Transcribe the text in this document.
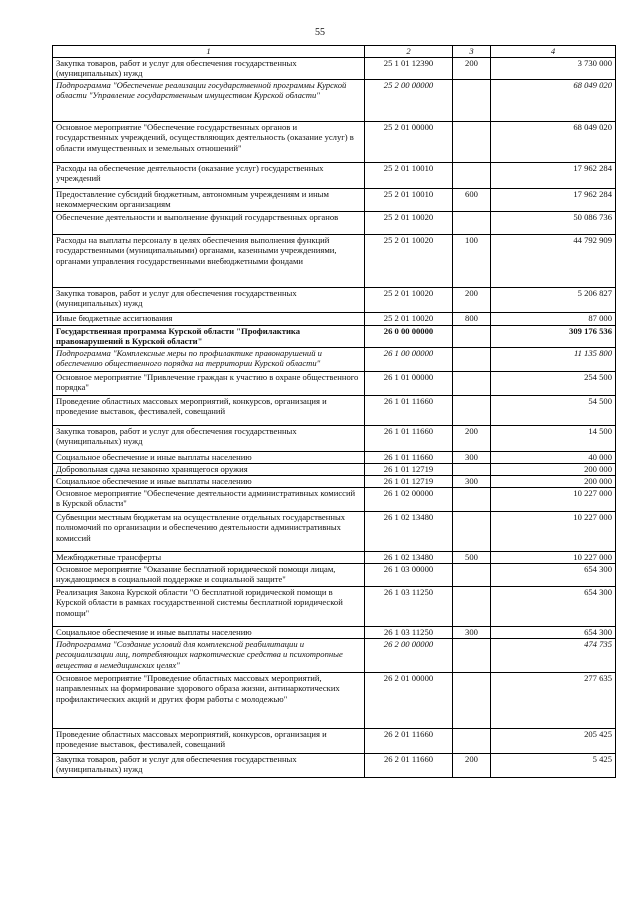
55
1	2	3	4
Закупка товаров, работ и услуг для обеспечения государственных (муниципальных) нужд	25 1 01 12390	200	3 730 000
Подпрограмма "Обеспечение реализации государственной программы Курской области "Управление государственным имуществом Курской области"	25 2 00 00000		68 049 020
Основное мероприятие "Обеспечение государственных органов и государственных учреждений, осуществляющих деятельность (оказание услуг) в области имущественных и земельных отношений"	25 2 01 00000		68 049 020
Расходы на обеспечение деятельности (оказание услуг) государственных учреждений	25 2 01 10010		17 962 284
Предоставление субсидий бюджетным, автономным учреждениям и иным некоммерческим организациям	25 2 01 10010	600	17 962 284
Обеспечение деятельности и выполнение функций государственных органов	25 2 01 10020		50 086 736
Расходы на выплаты персоналу в целях обеспечения выполнения функций государственными (муниципальными) органами, казенными учреждениями, органами управления государственными внебюджетными фондами	25 2 01 10020	100	44 792 909
Закупка товаров, работ и услуг для обеспечения государственных (муниципальных) нужд	25 2 01 10020	200	5 206 827
Иные бюджетные ассигнования	25 2 01 10020	800	87 000
Государственная программа Курской области "Профилактика правонарушений в Курской области"	26 0 00 00000		309 176 536
Подпрограмма "Комплексные меры по профилактике правонарушений и обеспечению общественного порядка на территории Курской области"	26 1 00 00000		11 135 800
Основное мероприятие "Привлечение граждан к участию в охране общественного порядка"	26 1 01 00000		254 500
Проведение областных массовых мероприятий, конкурсов, организация и проведение выставок, фестивалей, совещаний	26 1 01 11660		54 500
Закупка товаров, работ и услуг для обеспечения государственных (муниципальных) нужд	26 1 01 11660	200	14 500
Социальное обеспечение и иные выплаты населению	26 1 01 11660	300	40 000
Добровольная сдача незаконно хранящегося оружия	26 1 01 12719		200 000
Социальное обеспечение и иные выплаты населению	26 1 01 12719	300	200 000
Основное мероприятие "Обеспечение деятельности административных комиссий в Курской области"	26 1 02 00000		10 227 000
Субвенции местным бюджетам на осуществление отдельных государственных полномочий по организации и обеспечению деятельности административных комиссий	26 1 02 13480		10 227 000
Межбюджетные трансферты	26 1 02 13480	500	10 227 000
Основное мероприятие "Оказание бесплатной юридической помощи лицам, нуждающимся в социальной поддержке и социальной защите"	26 1 03 00000		654 300
Реализация Закона Курской области "О бесплатной юридической помощи в Курской области в рамках государственной системы бесплатной юридической помощи"	26 1 03 11250		654 300
Социальное обеспечение и иные выплаты населению	26 1 03 11250	300	654 300
Подпрограмма "Создание условий для комплексной реабилитации и ресоциализации лиц, потребляющих наркотические средства и психотропные вещества в немедицинских целях"	26 2 00 00000		474 735
Основное мероприятие "Проведение областных массовых мероприятий, направленных на формирование здорового образа жизни, антинаркотических профилактических акций и других форм работы с молодежью"	26 2 01 00000		277 635
Проведение областных массовых мероприятий, конкурсов, организация и проведение выставок, фестивалей, совещаний	26 2 01 11660		205 425
Закупка товаров, работ и услуг для обеспечения государственных (муниципальных) нужд	26 2 01 11660	200	5 425
